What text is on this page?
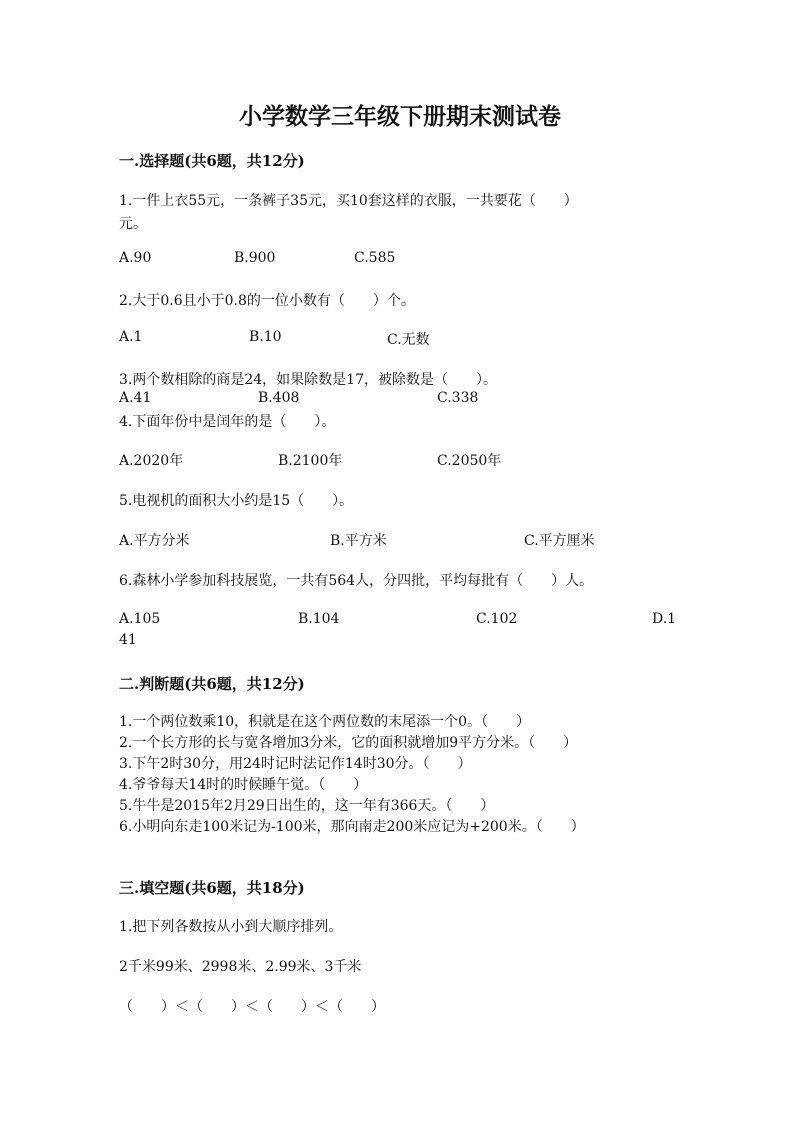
小学数学三年级下册期末测试卷
一.选择题(共6题，共12分)
1.一件上衣55元，一条裤子35元，买10套这样的衣服，一共要花（　　）
元。
A.90	B.900	C.585
2.大于0.6且小于0.8的一位小数有（　　）个。
A.1	B.10	C.无数
3.两个数相除的商是24，如果除数是17，被除数是（　　）。
A.41	B.408	C.338
4.下面年份中是闰年的是（　　）。
A.2020年	B.2100年	C.2050年
5.电视机的面积大小约是15（　　）。
A.平方分米	B.平方米	C.平方厘米
6.森林小学参加科技展览，一共有564人，分四批，平均每批有（　　）人。
A.105	B.104	C.102	D.1
41
二.判断题(共6题，共12分)
1.一个两位数乘10，积就是在这个两位数的末尾添一个0。（　　）
2.一个长方形的长与宽各增加3分米，它的面积就增加9平方分米。（　　）
3.下午2时30分，用24时记时法记作14时30分。（　　）
4.爷爷每天14时的时候睡午觉。（　　）
5.牛牛是2015年2月29日出生的，这一年有366天。（　　）
6.小明向东走100米记为-100米，那向南走200米应记为+200米。（　　）
三.填空题(共6题，共18分)
1.把下列各数按从小到大顺序排列。
2千米99米、2998米、2.99米、3千米
（　　）＜（　　）＜（　　）＜（　　）
